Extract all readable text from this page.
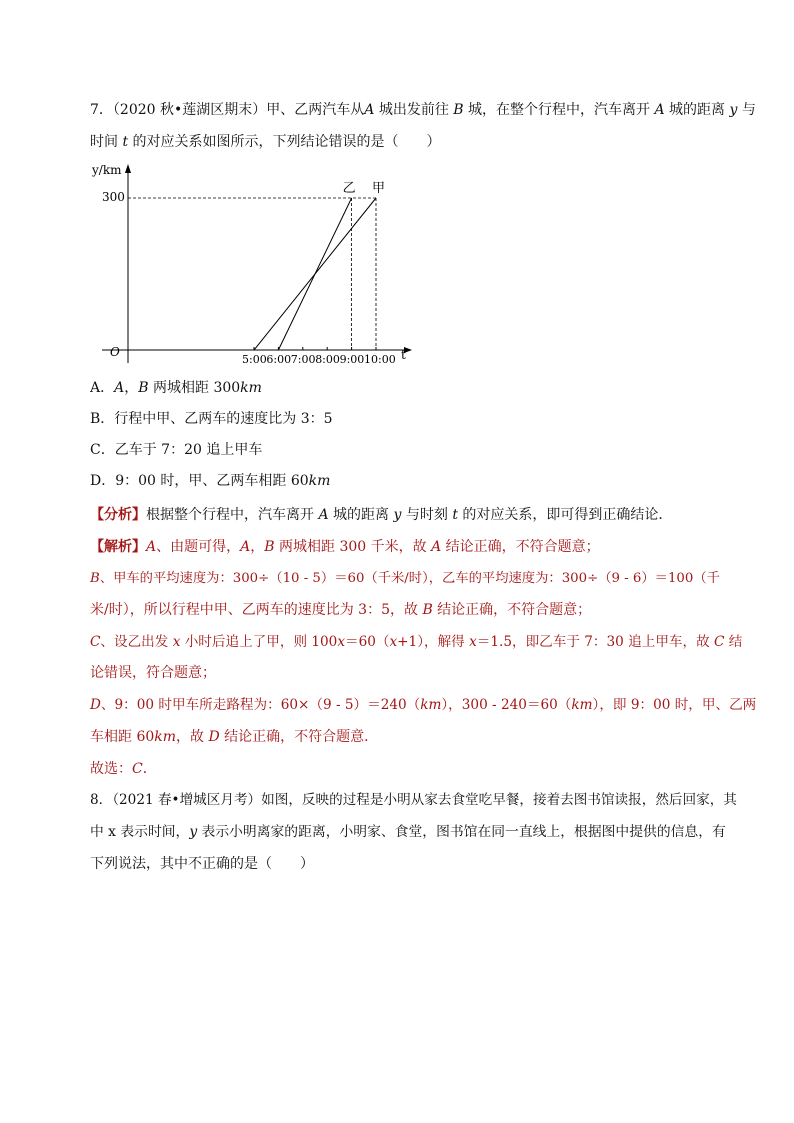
7．（2020 秋•莲湖区期末）甲、乙两汽车从A 城出发前往 B 城，在整个行程中，汽车离开 A 城的距离 y 与
时间 t 的对应关系如图所示，下列结论错误的是（　　）
y/km
t
O
300
5:00 6:00 7:00 8:00 9:00 10:00
甲
乙
A．A，B 两城相距 300km
B．行程中甲、乙两车的速度比为 3：5
C．乙车于 7：20 追上甲车
D．9：00 时，甲、乙两车相距 60km
【分析】根据整个行程中，汽车离开 A 城的距离 y 与时刻 t 的对应关系，即可得到正确结论．
【解析】A、由题可得，A，B 两城相距 300 千米，故 A 结论正确，不符合题意；
B、甲车的平均速度为：300÷（10 - 5）＝60（千米/时），乙车的平均速度为：300÷（9 - 6）＝100（千
米/时），所以行程中甲、乙两车的速度比为 3：5，故 B 结论正确，不符合题意；
C、设乙出发 x 小时后追上了甲，则 100x＝60（x+1），解得 x＝1.5，即乙车于 7：30 追上甲车，故 C 结
论错误，符合题意；
D、9：00 时甲车所走路程为：60×（9 - 5）＝240（km），300 - 240＝60（km），即 9：00 时，甲、乙两
车相距 60km，故 D 结论正确，不符合题意．
故选：C．
8．（2021 春•增城区月考）如图，反映的过程是小明从家去食堂吃早餐，接着去图书馆读报，然后回家，其
中 x 表示时间，y 表示小明离家的距离，小明家、食堂，图书馆在同一直线上，根据图中提供的信息，有
下列说法，其中不正确的是（　　）
